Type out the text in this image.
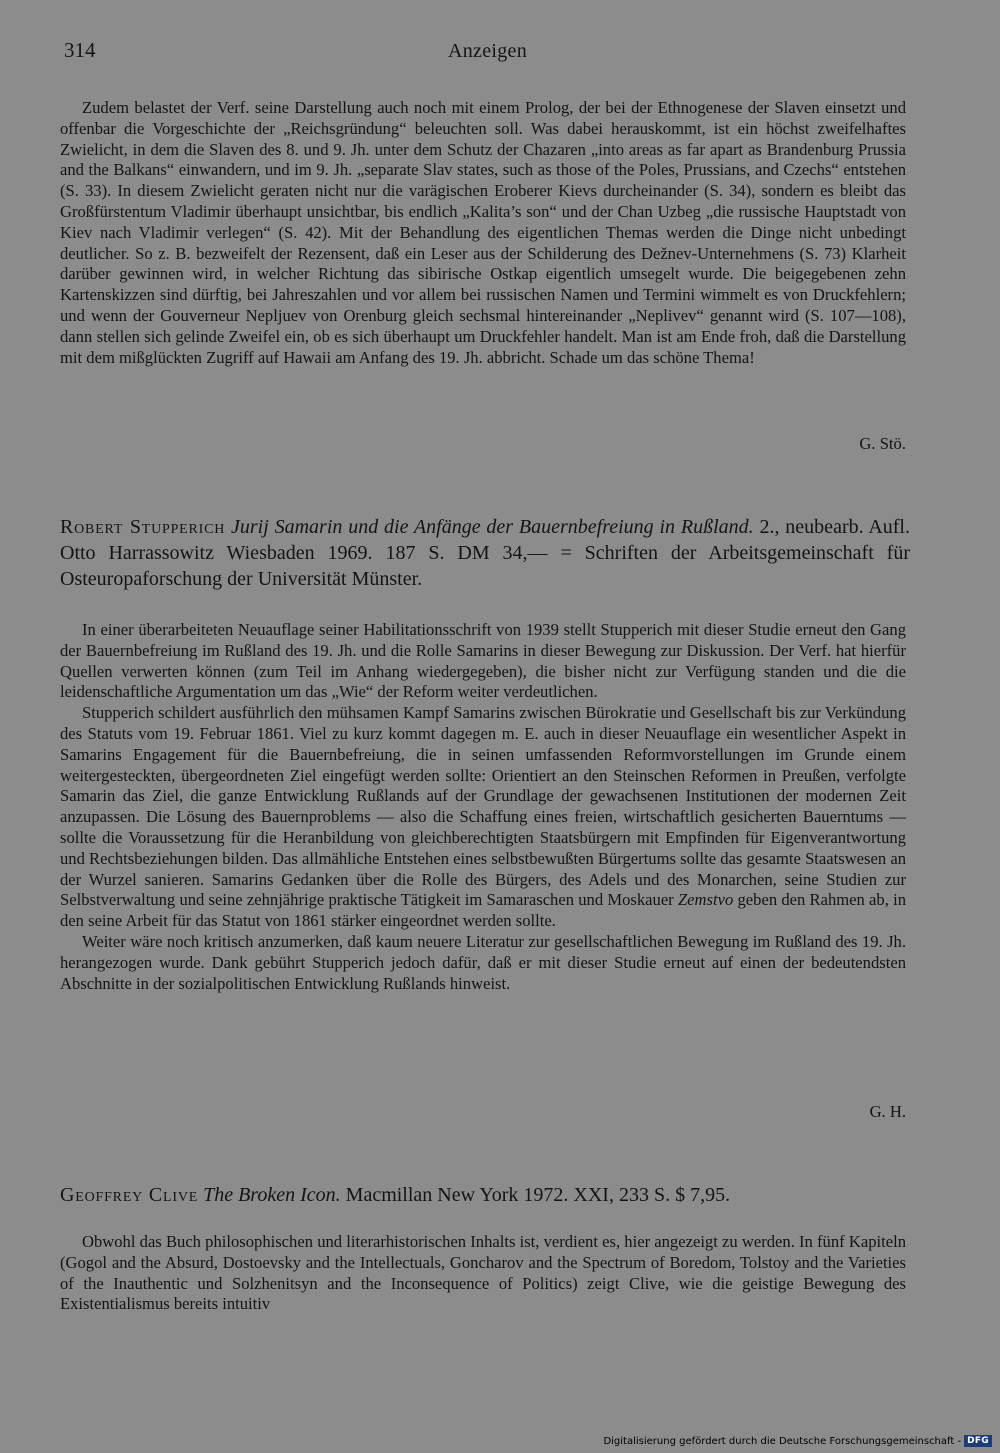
314	Anzeigen

Zudem belastet der Verf. seine Darstellung auch noch mit einem Prolog, der bei der Ethnogenese der Slaven einsetzt und offenbar die Vorgeschichte der „Reichsgründung“ beleuchten soll. Was dabei herauskommt, ist ein höchst zweifelhaftes Zwielicht, in dem die Slaven des 8. und 9. Jh. unter dem Schutz der Chazaren „into areas as far apart as Brandenburg Prussia and the Balkans“ einwandern, und im 9. Jh. „separate Slav states, such as those of the Poles, Prussians, and Czechs“ entstehen (S. 33). In diesem Zwielicht geraten nicht nur die varägischen Eroberer Kievs durcheinander (S. 34), sondern es bleibt das Großfürstentum Vladimir überhaupt unsichtbar, bis endlich „Kalita’s son“ und der Chan Uzbeg „die russische Hauptstadt von Kiev nach Vladimir verlegen“ (S. 42). Mit der Behandlung des eigentlichen Themas werden die Dinge nicht unbedingt deutlicher. So z. B. bezweifelt der Rezensent, daß ein Leser aus der Schilderung des Dežnev-Unternehmens (S. 73) Klarheit darüber gewinnen wird, in welcher Richtung das sibirische Ostkap eigentlich umsegelt wurde. Die beigegebenen zehn Kartenskizzen sind dürftig, bei Jahreszahlen und vor allem bei russischen Namen und Termini wimmelt es von Druckfehlern; und wenn der Gouverneur Nepljuev von Orenburg gleich sechsmal hintereinander „Neplivev“ genannt wird (S. 107—108), dann stellen sich gelinde Zweifel ein, ob es sich überhaupt um Druckfehler handelt. Man ist am Ende froh, daß die Darstellung mit dem mißglückten Zugriff auf Hawaii am Anfang des 19. Jh. abbricht. Schade um das schöne Thema!

G. Stö.
Robert Stupperich Jurij Samarin und die Anfänge der Bauernbefreiung in Rußland. 2., neubearb. Aufl. Otto Harrassowitz Wiesbaden 1969. 187 S. DM 34,— = Schriften der Arbeitsgemeinschaft für Osteuropaforschung der Universität Münster.

In einer überarbeiteten Neuauflage seiner Habilitationsschrift von 1939 stellt Stupperich mit dieser Studie erneut den Gang der Bauernbefreiung im Rußland des 19. Jh. und die Rolle Samarins in dieser Bewegung zur Diskussion. Der Verf. hat hierfür Quellen verwerten können (zum Teil im Anhang wiedergegeben), die bisher nicht zur Verfügung standen und die die leidenschaftliche Argumentation um das „Wie“ der Reform weiter verdeutlichen.

Stupperich schildert ausführlich den mühsamen Kampf Samarins zwischen Bürokratie und Gesellschaft bis zur Verkündung des Statuts vom 19. Februar 1861. Viel zu kurz kommt dagegen m. E. auch in dieser Neuauflage ein wesentlicher Aspekt in Samarins Engagement für die Bauernbefreiung, die in seinen umfassenden Reformvorstellungen im Grunde einem weitergesteckten, übergeordneten Ziel eingefügt werden sollte: Orientiert an den Steinschen Reformen in Preußen, verfolgte Samarin das Ziel, die ganze Entwicklung Rußlands auf der Grundlage der gewachsenen Institutionen der modernen Zeit anzupassen. Die Lösung des Bauernproblems — also die Schaffung eines freien, wirtschaftlich gesicherten Bauerntums — sollte die Voraussetzung für die Heranbildung von gleichberechtigten Staatsbürgern mit Empfinden für Eigenverantwortung und Rechtsbeziehungen bilden. Das allmähliche Entstehen eines selbstbewußten Bürgertums sollte das gesamte Staatswesen an der Wurzel sanieren. Samarins Gedanken über die Rolle des Bürgers, des Adels und des Monarchen, seine Studien zur Selbstverwaltung und seine zehnjährige praktische Tätigkeit im Samaraschen und Moskauer Zemstvo geben den Rahmen ab, in den seine Arbeit für das Statut von 1861 stärker eingeordnet werden sollte.

Weiter wäre noch kritisch anzumerken, daß kaum neuere Literatur zur gesellschaftlichen Bewegung im Rußland des 19. Jh. herangezogen wurde. Dank gebührt Stupperich jedoch dafür, daß er mit dieser Studie erneut auf einen der bedeutendsten Abschnitte in der sozialpolitischen Entwicklung Rußlands hinweist.

G. H.
Geoffrey Clive The Broken Icon. Macmillan New York 1972. XXI, 233 S. $ 7,95.

Obwohl das Buch philosophischen und literarhistorischen Inhalts ist, verdient es, hier angezeigt zu werden. In fünf Kapiteln (Gogol and the Absurd, Dostoevsky and the Intellectuals, Goncharov and the Spectrum of Boredom, Tolstoy and the Varieties of the Inauthentic und Solzhenitsyn and the Inconsequence of Politics) zeigt Clive, wie die geistige Bewegung des Existentialismus bereits intuitiv

Digitalisierung gefördert durch die Deutsche Forschungsgemeinschaft - DFG
